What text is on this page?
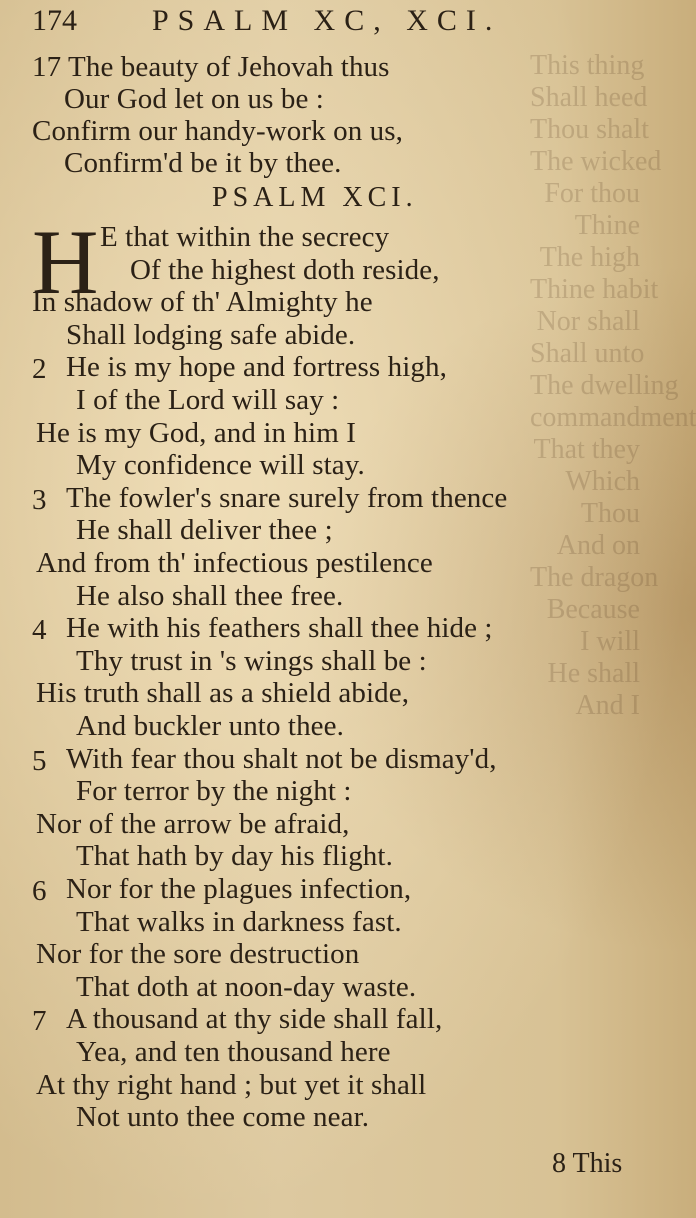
This thing
Shall heed
Thou shalt
The wicked
For thou
Thine
The high
Thine habit
Nor shall
Shall unto
The dwelling
commandment
That they
Which
Thou
And on
The dragon
Because
I will
He shall
And I
174	PSALM XC, XCI.
17 The beauty of Jehovah thus
Our God let on us be :
Confirm our handy-work on us,
Confirm'd be it by thee.
PSALM XCI.
H E that within the secrecy
Of the highest doth reside,
In shadow of th' Almighty he
Shall lodging safe abide.
2 He is my hope and fortress high,
I of the Lord will say :
He is my God, and in him I
My confidence will stay.
3 The fowler's snare surely from thence
He shall deliver thee ;
And from th' infectious pestilence
He also shall thee free.
4 He with his feathers shall thee hide ;
Thy trust in 's wings shall be :
His truth shall as a shield abide,
And buckler unto thee.
5 With fear thou shalt not be dismay'd,
For terror by the night :
Nor of the arrow be afraid,
That hath by day his flight.
6 Nor for the plagues infection,
That walks in darkness fast.
Nor for the sore destruction
That doth at noon-day waste.
7 A thousand at thy side shall fall,
Yea, and ten thousand here
At thy right hand ; but yet it shall
Not unto thee come near.
8 This
